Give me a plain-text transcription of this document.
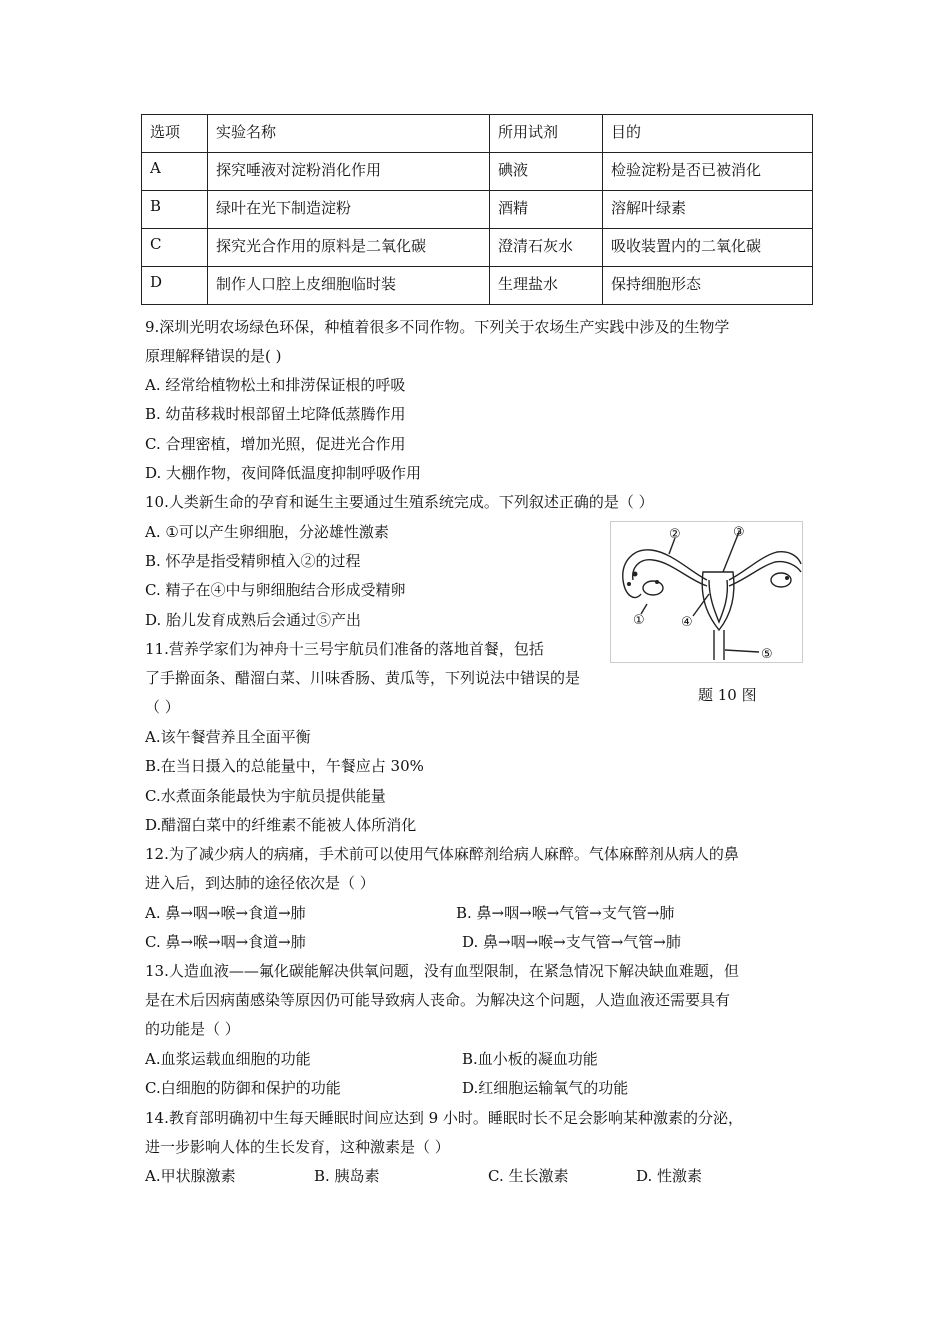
选项	实验名称	所用试剂	目的
A	探究唾液对淀粉消化作用	碘液	检验淀粉是否已被消化
B	绿叶在光下制造淀粉	酒精	溶解叶绿素
C	探究光合作用的原料是二氧化碳	澄清石灰水	吸收装置内的二氧化碳
D	制作人口腔上皮细胞临时装	生理盐水	保持细胞形态
9.深圳光明农场绿色环保，种植着很多不同作物。下列关于农场生产实践中涉及的生物学
原理解释错误的是( )
A. 经常给植物松土和排涝保证根的呼吸
B. 幼苗移栽时根部留土坨降低蒸腾作用
C. 合理密植，增加光照，促进光合作用
D. 大棚作物，夜间降低温度抑制呼吸作用
10.人类新生命的孕育和诞生主要通过生殖系统完成。下列叙述正确的是（ ）
A. ①可以产生卵细胞，分泌雄性激素
B. 怀孕是指受精卵植入②的过程
C. 精子在④中与卵细胞结合形成受精卵
D. 胎儿发育成熟后会通过⑤产出	①
②	③
④
⑤
题 10 图
11.营养学家们为神舟十三号宇航员们准备的落地首餐，包括
了手擀面条、醋溜白菜、川味香肠、黄瓜等，下列说法中错误的是
（ ）
A.该午餐营养且全面平衡
B.在当日摄入的总能量中，午餐应占 30%
C.水煮面条能最快为宇航员提供能量
D.醋溜白菜中的纤维素不能被人体所消化
12.为了减少病人的病痛，手术前可以使用气体麻醉剂给病人麻醉。气体麻醉剂从病人的鼻
进入后，到达肺的途径依次是（ ）
A. 鼻→咽→喉→食道→肺	B. 鼻→咽→喉→气管→支气管→肺
C. 鼻→喉→咽→食道→肺	D. 鼻→咽→喉→支气管→气管→肺
13.人造血液——氟化碳能解决供氧问题，没有血型限制，在紧急情况下解决缺血难题，但
是在术后因病菌感染等原因仍可能导致病人丧命。为解决这个问题，人造血液还需要具有
的功能是（ ）
A.血浆运载血细胞的功能	B.血小板的凝血功能
C.白细胞的防御和保护的功能	D.红细胞运输氧气的功能
14.教育部明确初中生每天睡眠时间应达到 9 小时。睡眠时长不足会影响某种激素的分泌，
进一步影响人体的生长发育，这种激素是（ ）
A.甲状腺激素	B. 胰岛素	C. 生长激素	D. 性激素
